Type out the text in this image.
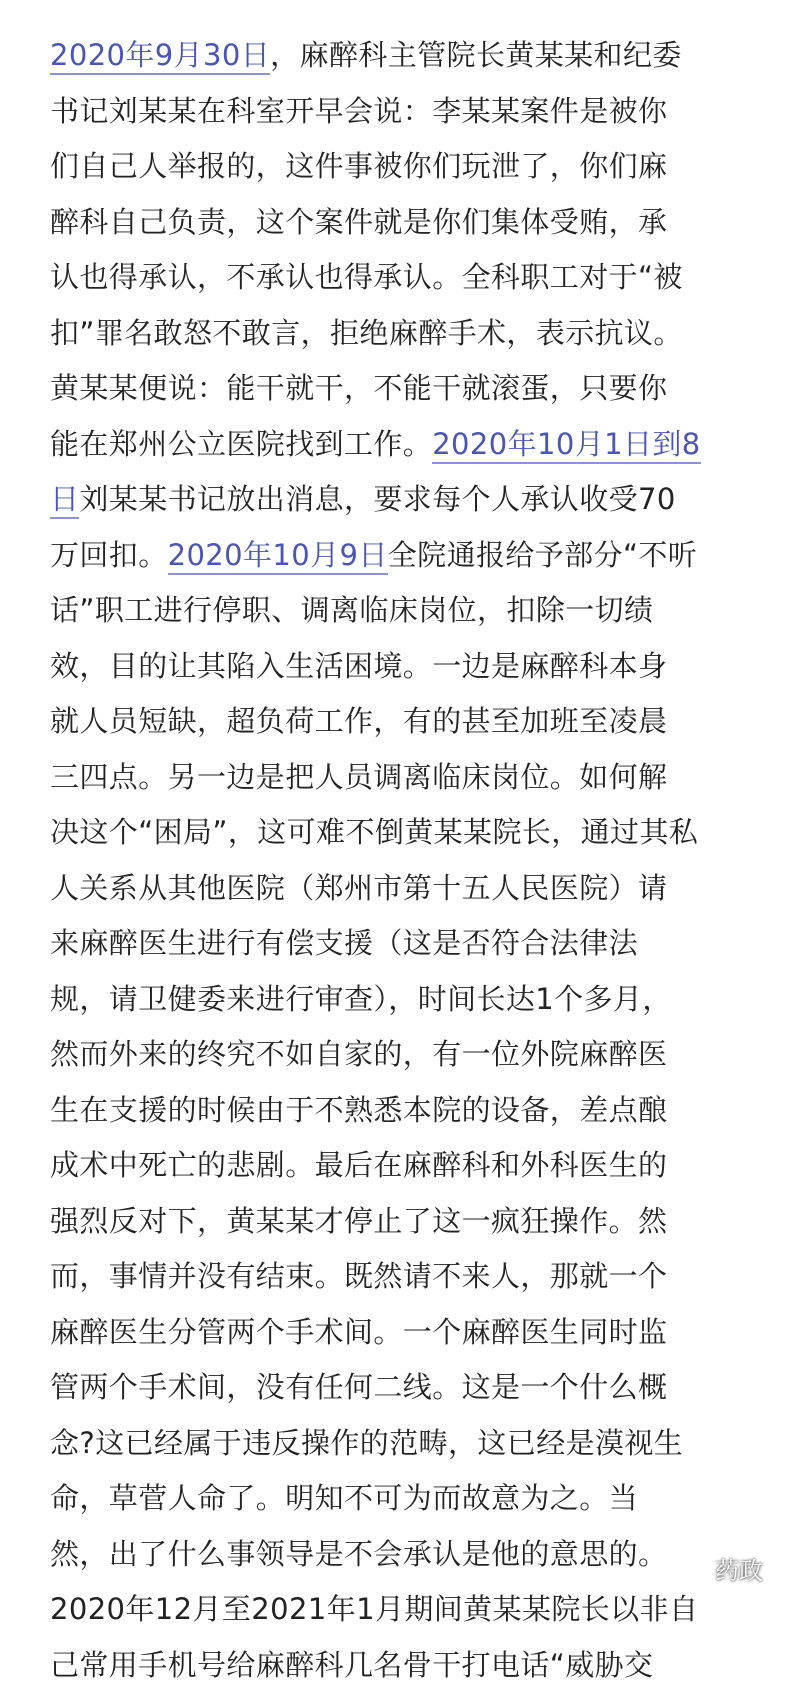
2020年9月30日，麻醉科主管院长黄某某和纪委
书记刘某某在科室开早会说：李某某案件是被你
们自己人举报的，这件事被你们玩泄了，你们麻
醉科自己负责，这个案件就是你们集体受贿，承
认也得承认，不承认也得承认。全科职工对于“被
扣”罪名敢怒不敢言，拒绝麻醉手术，表示抗议。
黄某某便说：能干就干，不能干就滚蛋，只要你
能在郑州公立医院找到工作。2020年10月1日到8
日刘某某书记放出消息，要求每个人承认收受70
万回扣。2020年10月9日全院通报给予部分“不听
话”职工进行停职、调离临床岗位，扣除一切绩
效，目的让其陷入生活困境。一边是麻醉科本身
就人员短缺，超负荷工作，有的甚至加班至凌晨
三四点。另一边是把人员调离临床岗位。如何解
决这个“困局”，这可难不倒黄某某院长，通过其私
人关系从其他医院（郑州市第十五人民医院）请
来麻醉医生进行有偿支援（这是否符合法律法
规，请卫健委来进行审查），时间长达1个多月，
然而外来的终究不如自家的，有一位外院麻醉医
生在支援的时候由于不熟悉本院的设备，差点酿
成术中死亡的悲剧。最后在麻醉科和外科医生的
强烈反对下，黄某某才停止了这一疯狂操作。然
而，事情并没有结束。既然请不来人，那就一个
麻醉医生分管两个手术间。一个麻醉医生同时监
管两个手术间，没有任何二线。这是一个什么概
念?这已经属于违反操作的范畴，这已经是漠视生
命，草菅人命了。明知不可为而故意为之。当
然，出了什么事领导是不会承认是他的意思的。
2020年12月至2021年1月期间黄某某院长以非自
己常用手机号给麻醉科几名骨干打电话“威胁交
药政
